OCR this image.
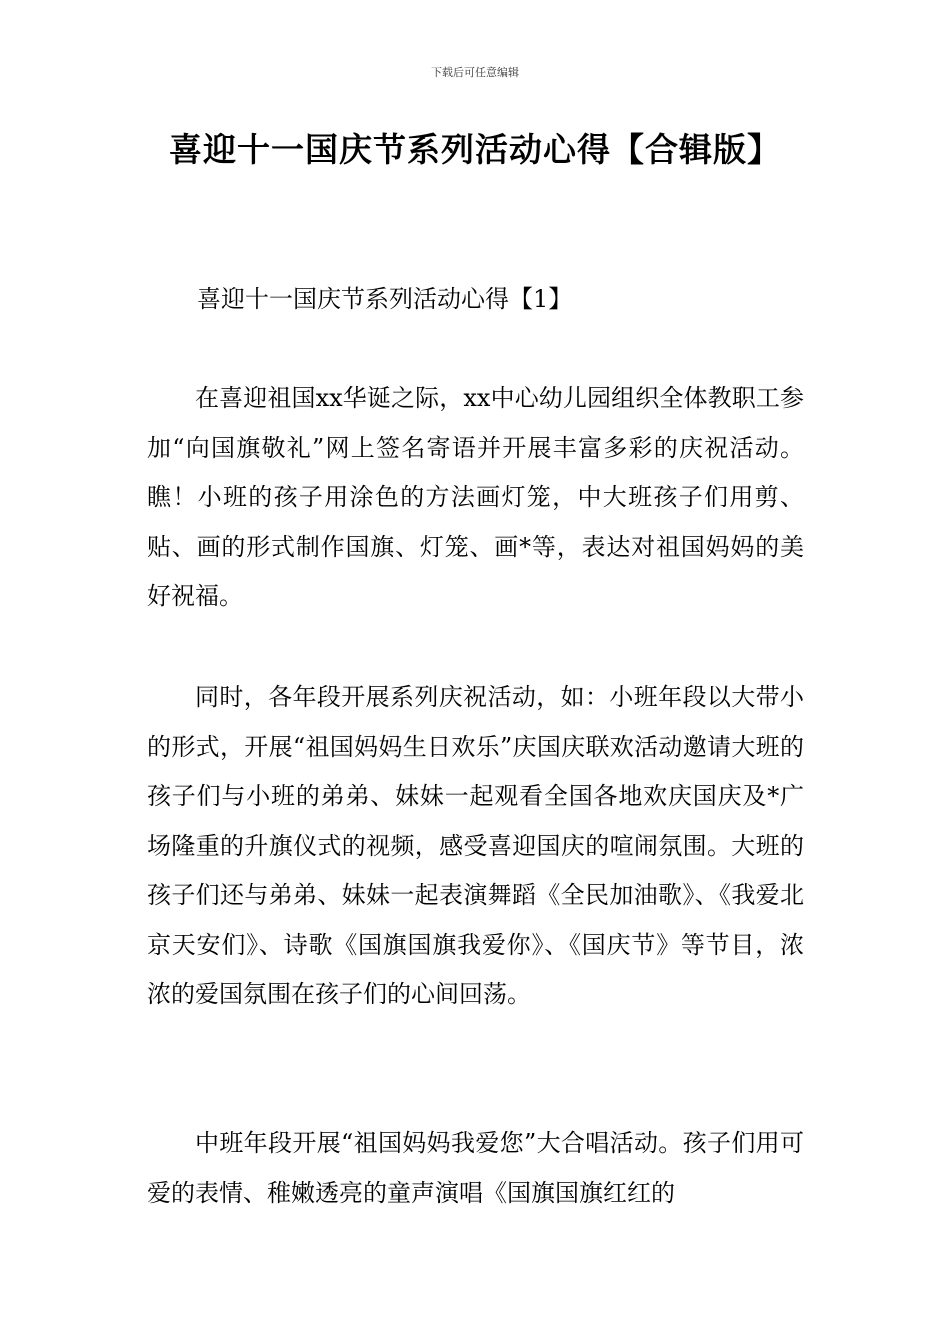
下载后可任意编辑
喜迎十一国庆节系列活动心得【合辑版】
喜迎十一国庆节系列活动心得【1】

在喜迎祖国xx华诞之际，xx中心幼儿园组织全体教职工参加“向国旗敬礼”网上签名寄语并开展丰富多彩的庆祝活动。瞧！小班的孩子用涂色的方法画灯笼，中大班孩子们用剪、贴、画的形式制作国旗、灯笼、画*等，表达对祖国妈妈的美好祝福。

同时，各年段开展系列庆祝活动，如：小班年段以大带小的形式，开展“祖国妈妈生日欢乐”庆国庆联欢活动邀请大班的孩子们与小班的弟弟、妹妹一起观看全国各地欢庆国庆及*广场隆重的升旗仪式的视频，感受喜迎国庆的喧闹氛围。大班的孩子们还与弟弟、妹妹一起表演舞蹈《全民加油歌》、《我爱北京天安们》、诗歌《国旗国旗我爱你》、《国庆节》等节目，浓浓的爱国氛围在孩子们的心间回荡。

中班年段开展“祖国妈妈我爱您”大合唱活动。孩子们用可爱的表情、稚嫩透亮的童声演唱《国旗国旗红红的
